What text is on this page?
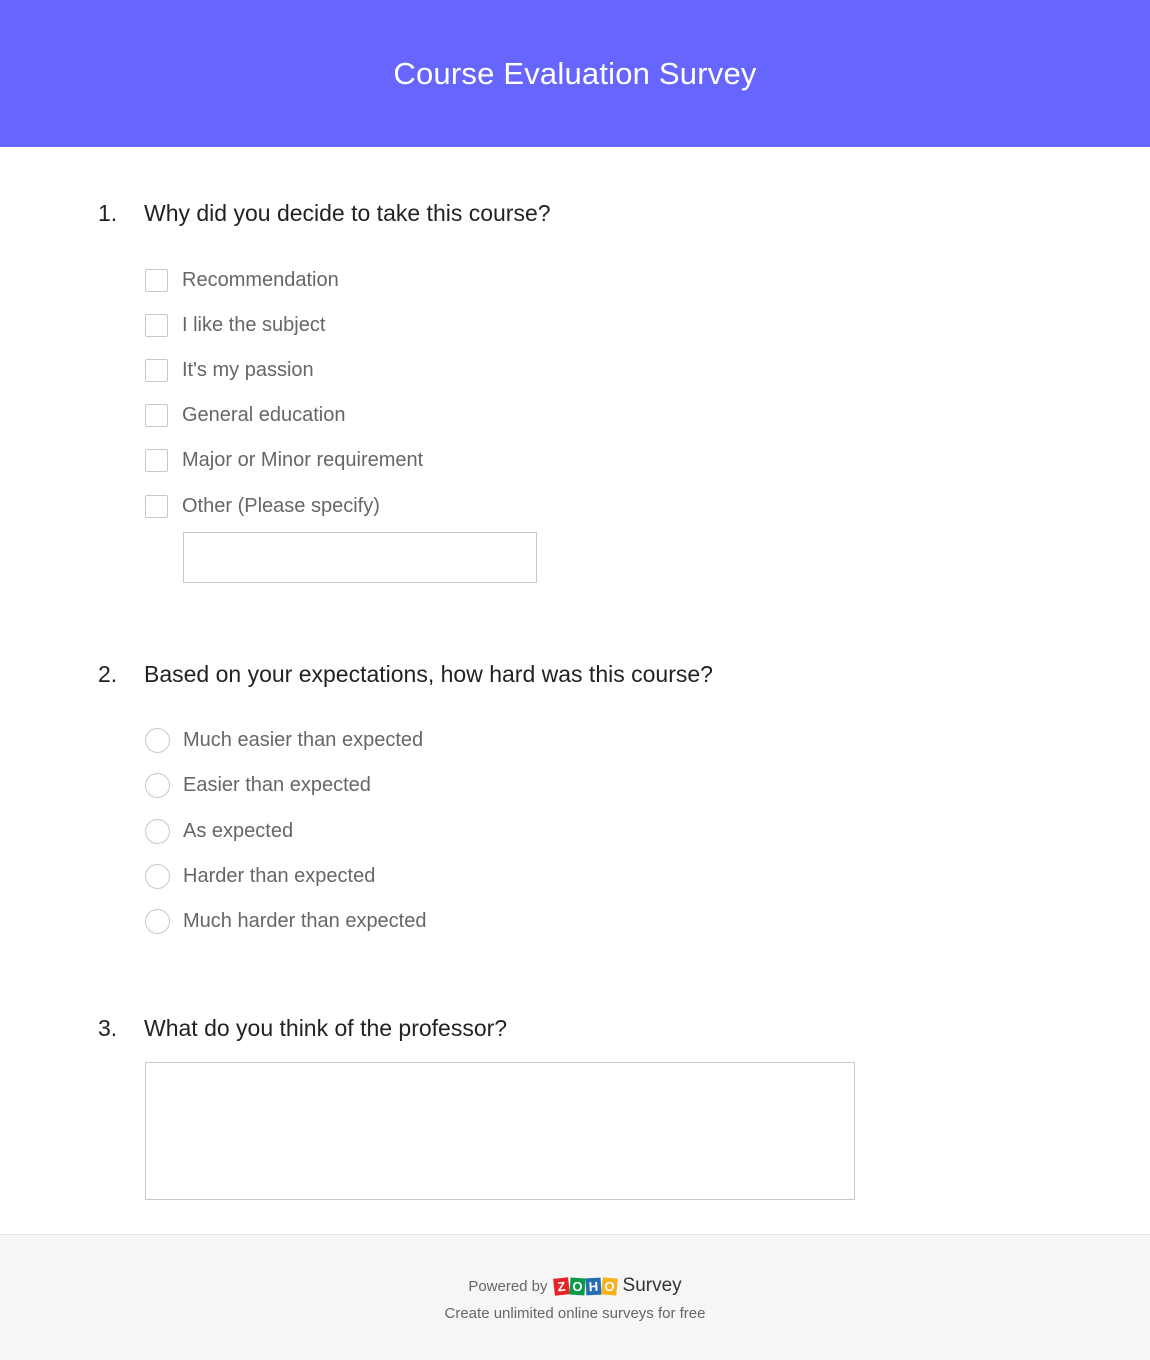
Course Evaluation Survey
1. Why did you decide to take this course?
Recommendation
I like the subject
It's my passion
General education
Major or Minor requirement
Other (Please specify)
2. Based on your expectations, how hard was this course?
Much easier than expected
Easier than expected
As expected
Harder than expected
Much harder than expected
3. What do you think of the professor?
Powered by Z O H O Survey
Create unlimited online surveys for free
